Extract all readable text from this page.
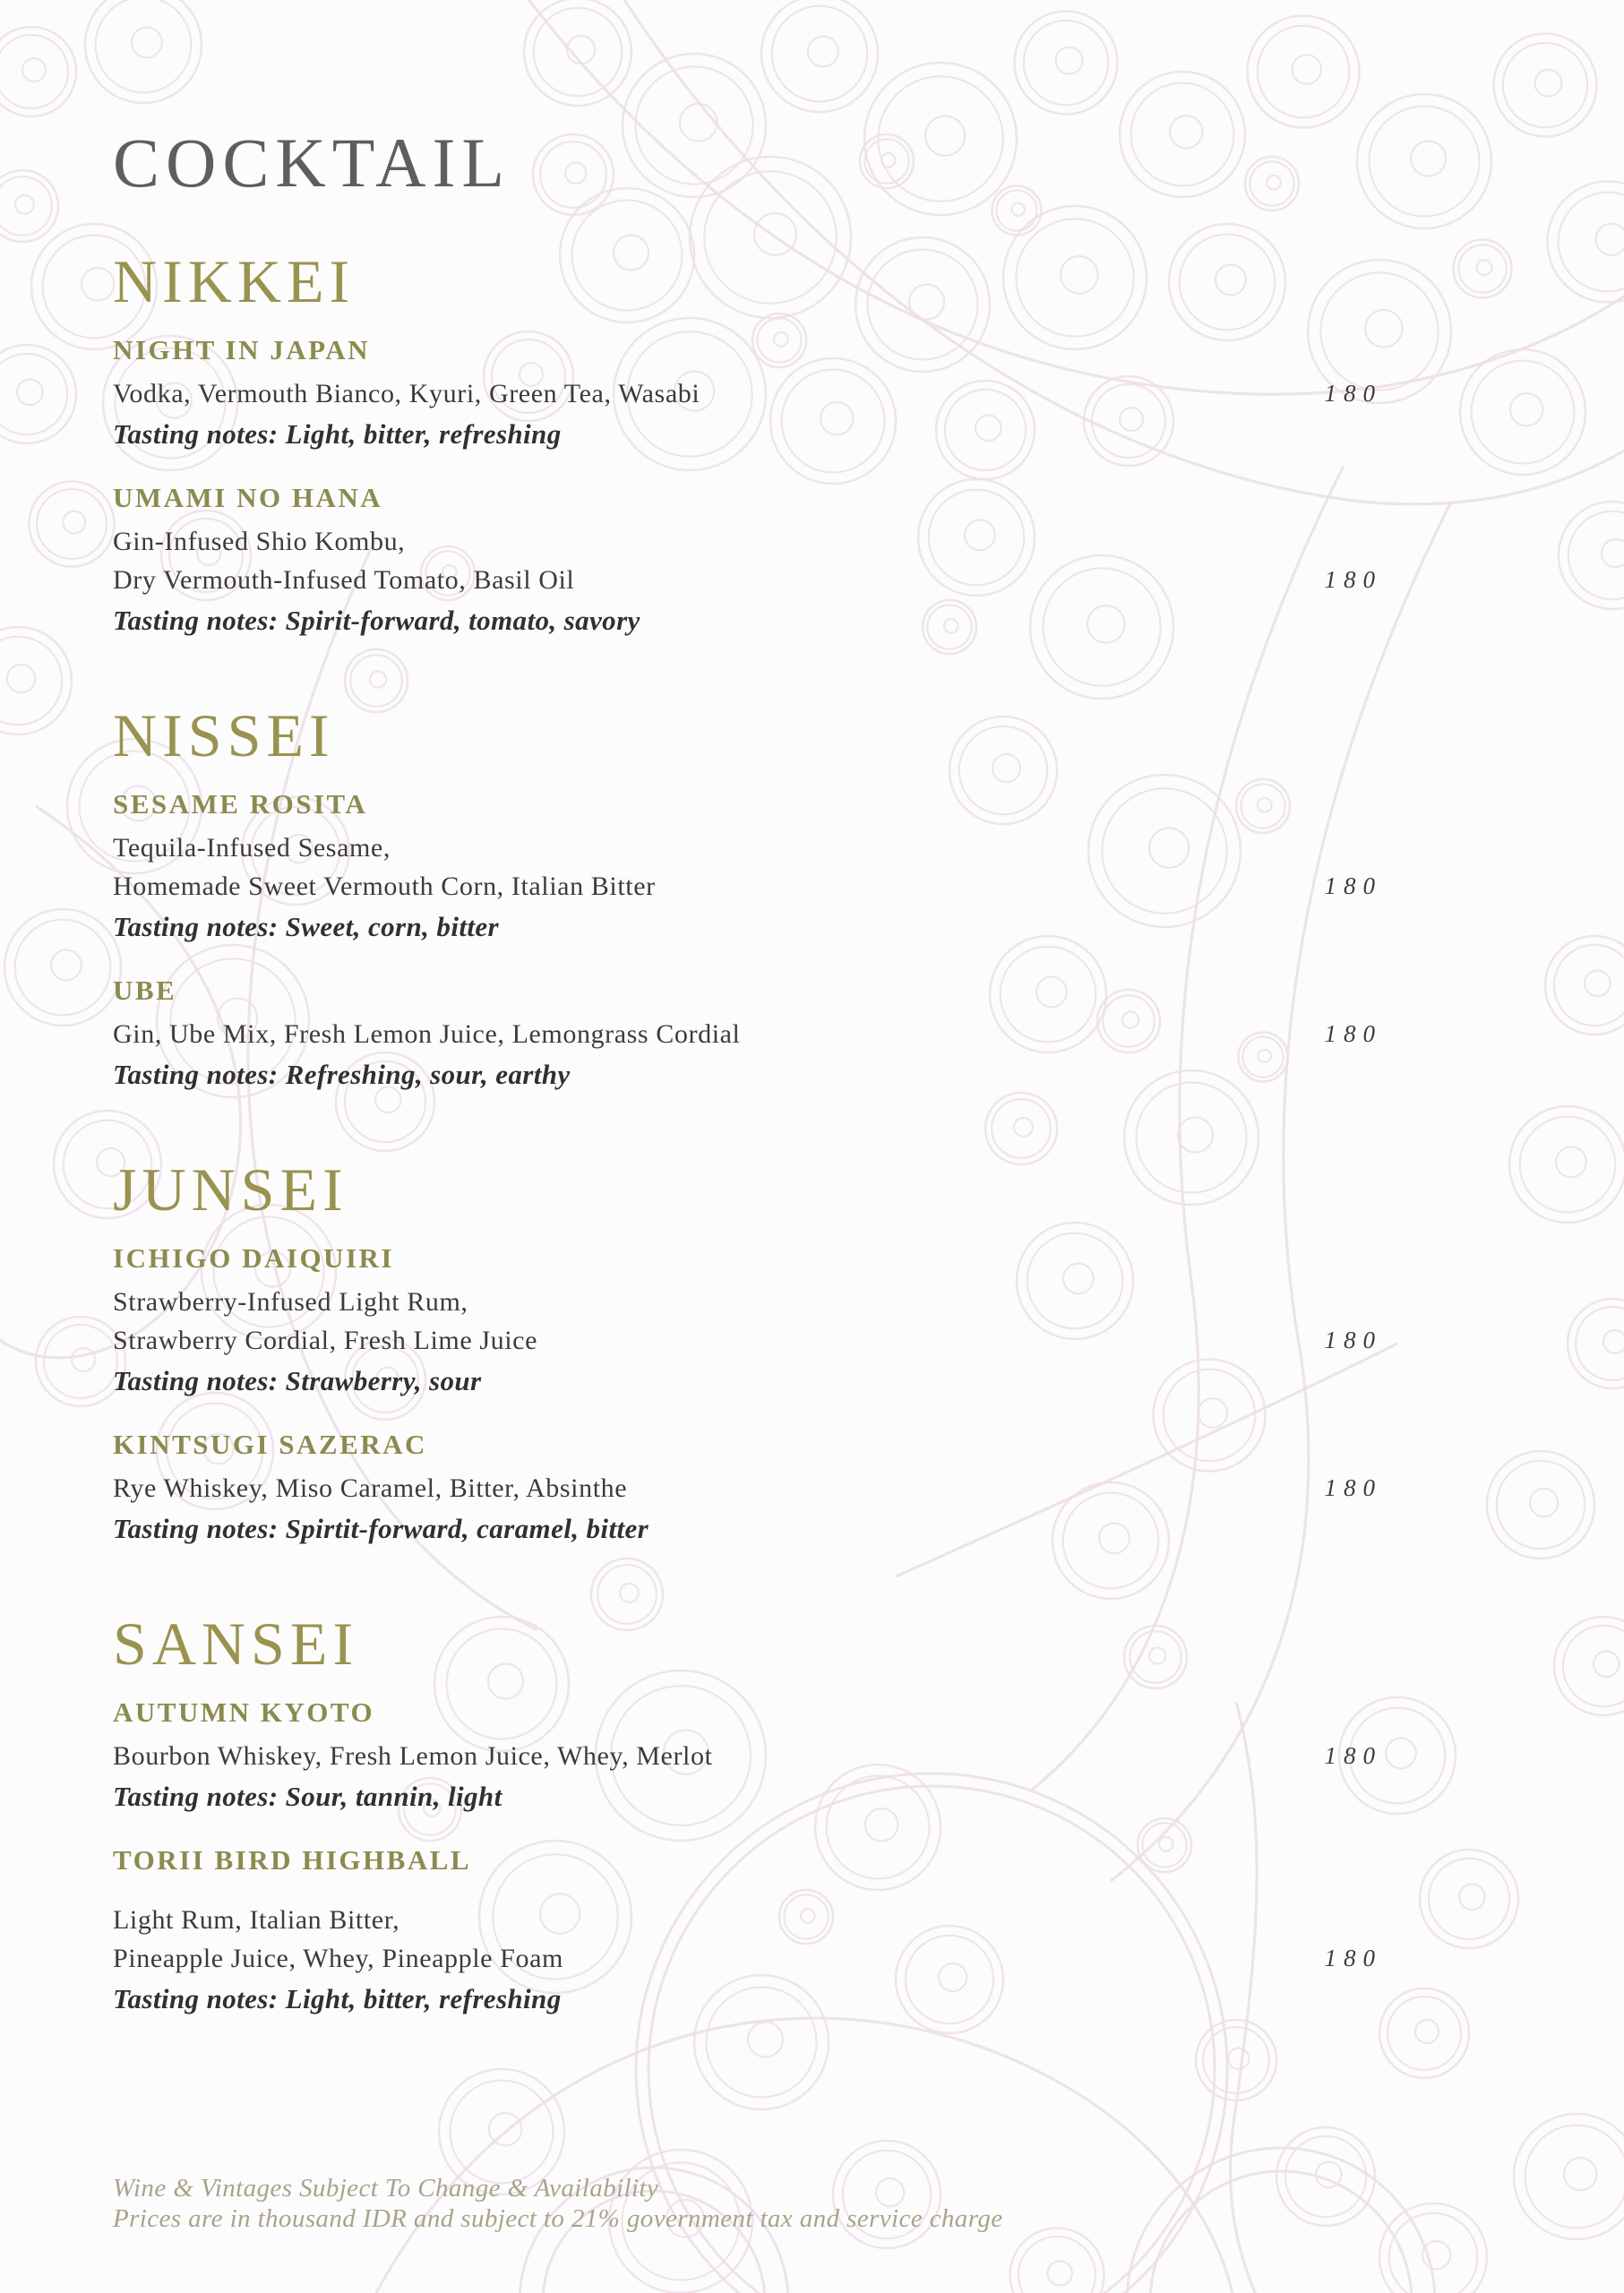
COCKTAIL
NIKKEI
NIGHT IN JAPAN
Vodka, Vermouth Bianco, Kyuri, Green Tea, Wasabi	180
Tasting notes: Light, bitter, refreshing
UMAMI NO HANA
Gin-Infused Shio Kombu,
Dry Vermouth-Infused Tomato, Basil Oil	180
Tasting notes: Spirit-forward, tomato, savory
NISSEI
SESAME ROSITA
Tequila-Infused Sesame,
Homemade Sweet Vermouth Corn, Italian Bitter	180
Tasting notes: Sweet, corn, bitter
UBE
Gin, Ube Mix, Fresh Lemon Juice, Lemongrass Cordial	180
Tasting notes: Refreshing, sour, earthy
JUNSEI
ICHIGO DAIQUIRI
Strawberry-Infused Light Rum,
Strawberry Cordial, Fresh Lime Juice	180
Tasting notes: Strawberry, sour
KINTSUGI SAZERAC
Rye Whiskey, Miso Caramel, Bitter, Absinthe	180
Tasting notes: Spirtit-forward, caramel, bitter
SANSEI
AUTUMN KYOTO
Bourbon Whiskey, Fresh Lemon Juice, Whey, Merlot	180
Tasting notes: Sour, tannin, light
TORII BIRD HIGHBALL
Light Rum, Italian Bitter,
Pineapple Juice, Whey, Pineapple Foam	180
Tasting notes: Light, bitter, refreshing
Wine & Vintages Subject To Change & Availability
Prices are in thousand IDR and subject to 21% government tax and service charge
